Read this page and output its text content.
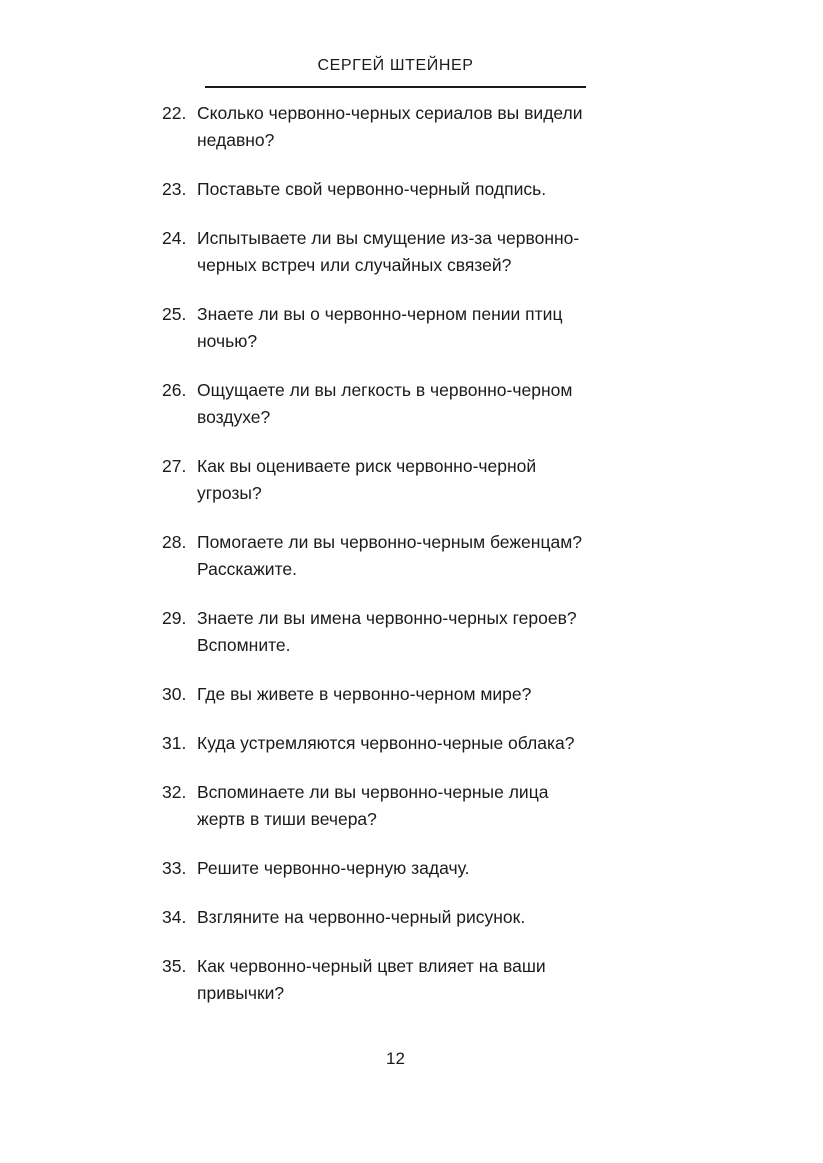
СЕРГЕЙ ШТЕЙНЕР
22. Сколько червонно-черных сериалов вы видели недавно?
23. Поставьте свой червонно-черный подпись.
24. Испытываете ли вы смущение из-за червонно-черных встреч или случайных связей?
25. Знаете ли вы о червонно-черном пении птиц ночью?
26. Ощущаете ли вы легкость в червонно-черном воздухе?
27. Как вы оцениваете риск червонно-черной угрозы?
28. Помогаете ли вы червонно-черным беженцам? Расскажите.
29. Знаете ли вы имена червонно-черных героев? Вспомните.
30. Где вы живете в червонно-черном мире?
31. Куда устремляются червонно-черные облака?
32. Вспоминаете ли вы червонно-черные лица жертв в тиши вечера?
33. Решите червонно-черную задачу.
34. Взгляните на червонно-черный рисунок.
35. Как червонно-черный цвет влияет на ваши привычки?
12
